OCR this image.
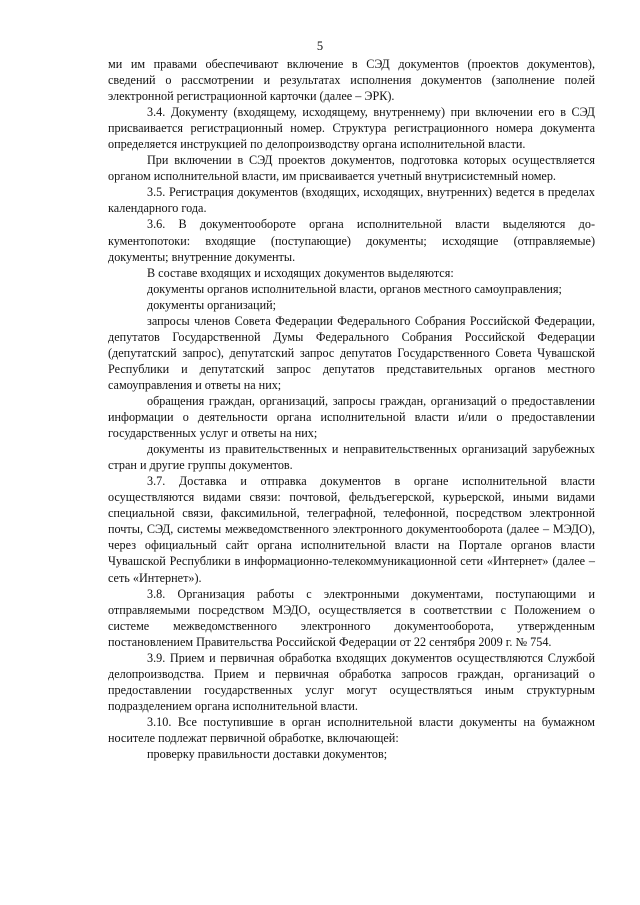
5

ми им правами обеспечивают включение в СЭД документов (проектов документов), сведений о рассмотрении и результатах исполнения документов (заполнение полей электронной регистрационной карточки (далее – ЭРК).

3.4. Документу (входящему, исходящему, внутреннему) при включении его в СЭД присваивается регистрационный номер. Структура регистрационного номера документа определяется инструкцией по делопроизводству органа исполнительной власти.

При включении в СЭД проектов документов, подготовка которых осуществляется органом исполнительной власти, им присваивается учетный внутрисистемный номер.

3.5. Регистрация документов (входящих, исходящих, внутренних) ведется в пределах календарного года.

3.6. В документообороте органа исполнительной власти выделяются документопотоки: входящие (поступающие) документы; исходящие (отправляемые) документы; внутренние документы.

В составе входящих и исходящих документов выделяются:

документы органов исполнительной власти, органов местного самоуправления;

документы организаций;

запросы членов Совета Федерации Федерального Собрания Российской Федерации, депутатов Государственной Думы Федерального Собрания Российской Федерации (депутатский запрос), депутатский запрос депутатов Государственного Совета Чувашской Республики и депутатский запрос депутатов представительных органов местного самоуправления и ответы на них;

обращения граждан, организаций, запросы граждан, организаций о предоставлении информации о деятельности органа исполнительной власти и/или о предоставлении государственных услуг и ответы на них;

документы из правительственных и неправительственных организаций зарубежных стран и другие группы документов.

3.7. Доставка и отправка документов в органе исполнительной власти осуществляются видами связи: почтовой, фельдъегерской, курьерской, иными видами специальной связи, факсимильной, телеграфной, телефонной, посредством электронной почты, СЭД, системы межведомственного электронного документооборота (далее – МЭДО), через официальный сайт органа исполнительной власти на Портале органов власти Чувашской Республики в информационно-телекоммуникационной сети «Интернет» (далее – сеть «Интернет»).

3.8. Организация работы с электронными документами, поступающими и отправляемыми посредством МЭДО, осуществляется в соответствии с Положением о системе межведомственного электронного документооборота, утвержденным постановлением Правительства Российской Федерации от 22 сентября 2009 г. № 754.

3.9. Прием и первичная обработка входящих документов осуществляются Службой делопроизводства. Прием и первичная обработка запросов граждан, организаций о предоставлении государственных услуг могут осуществляться иным структурным подразделением органа исполнительной власти.

3.10. Все поступившие в орган исполнительной власти документы на бумажном носителе подлежат первичной обработке, включающей:

проверку правильности доставки документов;
